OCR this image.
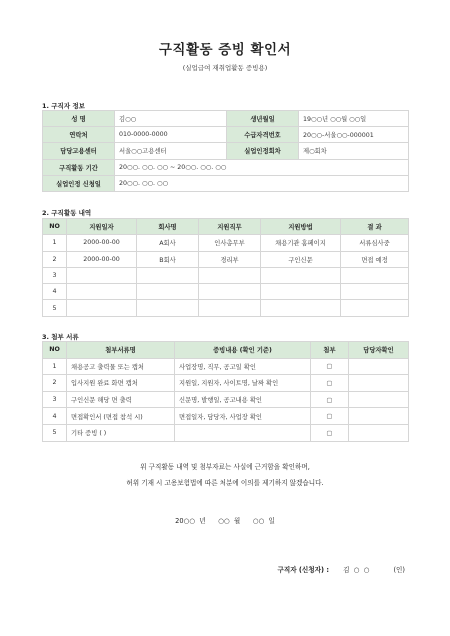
구직활동 증빙 확인서
(실업급여 재취업활동 증빙용)
1. 구직자 정보
성 명	김○○	생년월일	19○○년 ○○월 ○○일
연락처	010-0000-0000	수급자격번호	20○○-서울○○-000001
담당고용센터	서울○○고용센터	실업인정회차	제○회차
구직활동 기간	20○○. ○○. ○○ ~ 20○○. ○○. ○○		
실업인정 신청일	20○○. ○○. ○○		
2. 구직활동 내역
NO	지원일자	회사명	지원직무	지원방법	결 과
1	2000-00-00	A회사	인사총무부	채용기관 홈페이지	서류심사중
2	2000-00-00	B회사	경리부	구인신문	면접 예정
3					
4					
5					
3. 첨부 서류
NO	첨부서류명	증빙내용 (확인 기준)	첨부	담당자확인
1	채용공고 출력물 또는 캡처	사업장명, 직무, 공고일 확인	▢	
2	입사지원 완료 화면 캡처	지원일, 지원자, 사이트명, 날짜 확인	▢	
3	구인신문 해당 면 출력	신문명, 발행일, 공고내용 확인	▢	
4	면접확인서 (면접 참석 시)	면접일자, 담당자, 사업장 확인	▢	
5	기타 증빙 ( )		▢	
위 구직활동 내역 및 첨부자료는 사실에 근거함을 확인하며,
허위 기재 시 고용보험법에 따른 처분에 이의를 제기하지 않겠습니다.
20○○  년      ○○  월      ○○  일
구직자 (신청자) : 김  ○  ○	(인)
